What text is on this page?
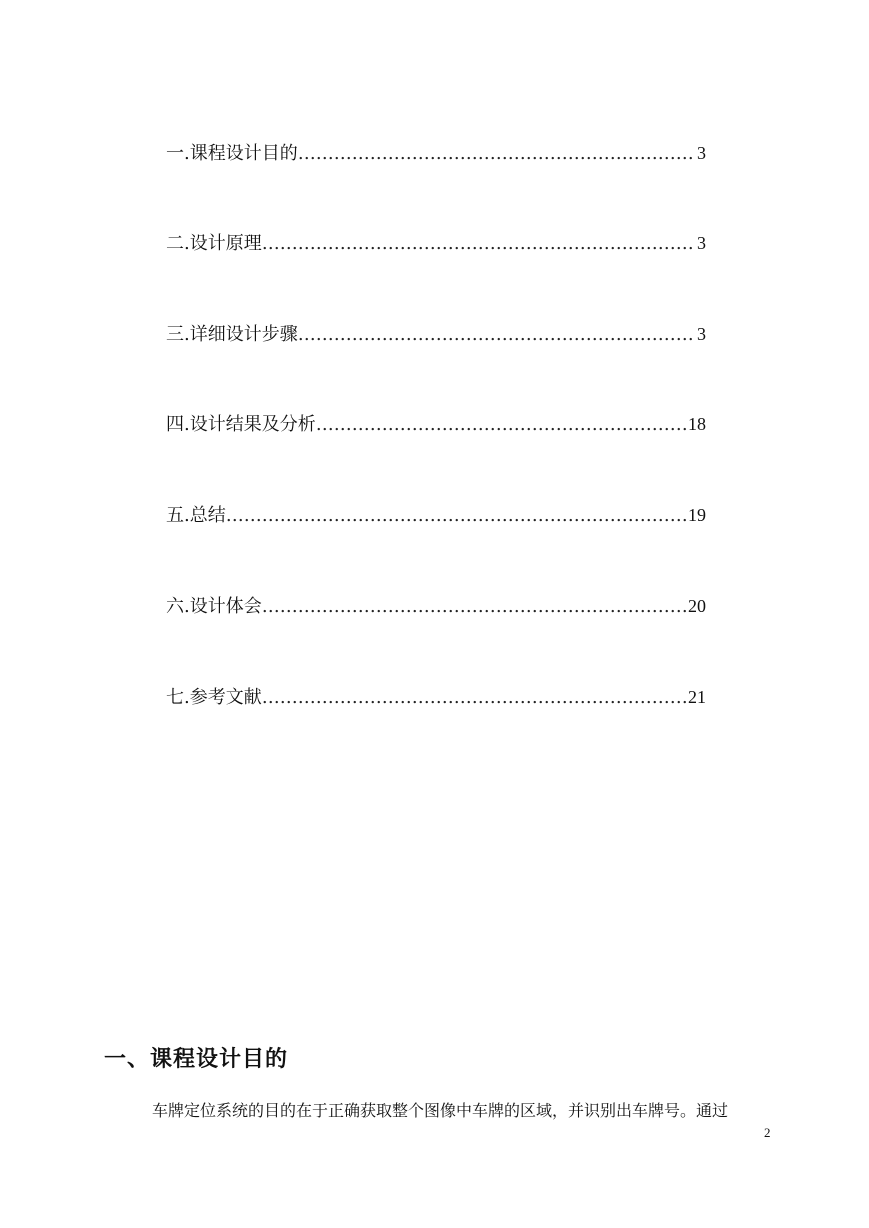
一. 课程设计目的 …………………………………………………………………………………………………………………………………………	3
二. 设计原理 …………………………………………………………………………………………………………………………………………	3
三. 详细设计步骤 …………………………………………………………………………………………………………………………………………	3
四. 设计结果及分析 …………………………………………………………………………………………………………………………………………	18
五. 总结 …………………………………………………………………………………………………………………………………………	19
六. 设计体会 …………………………………………………………………………………………………………………………………………	20
七. 参考文献 …………………………………………………………………………………………………………………………………………	21
一、课程设计目的
车牌定位系统的目的在于正确获取整个图像中车牌的区域，并识别出车牌号。通过
2
